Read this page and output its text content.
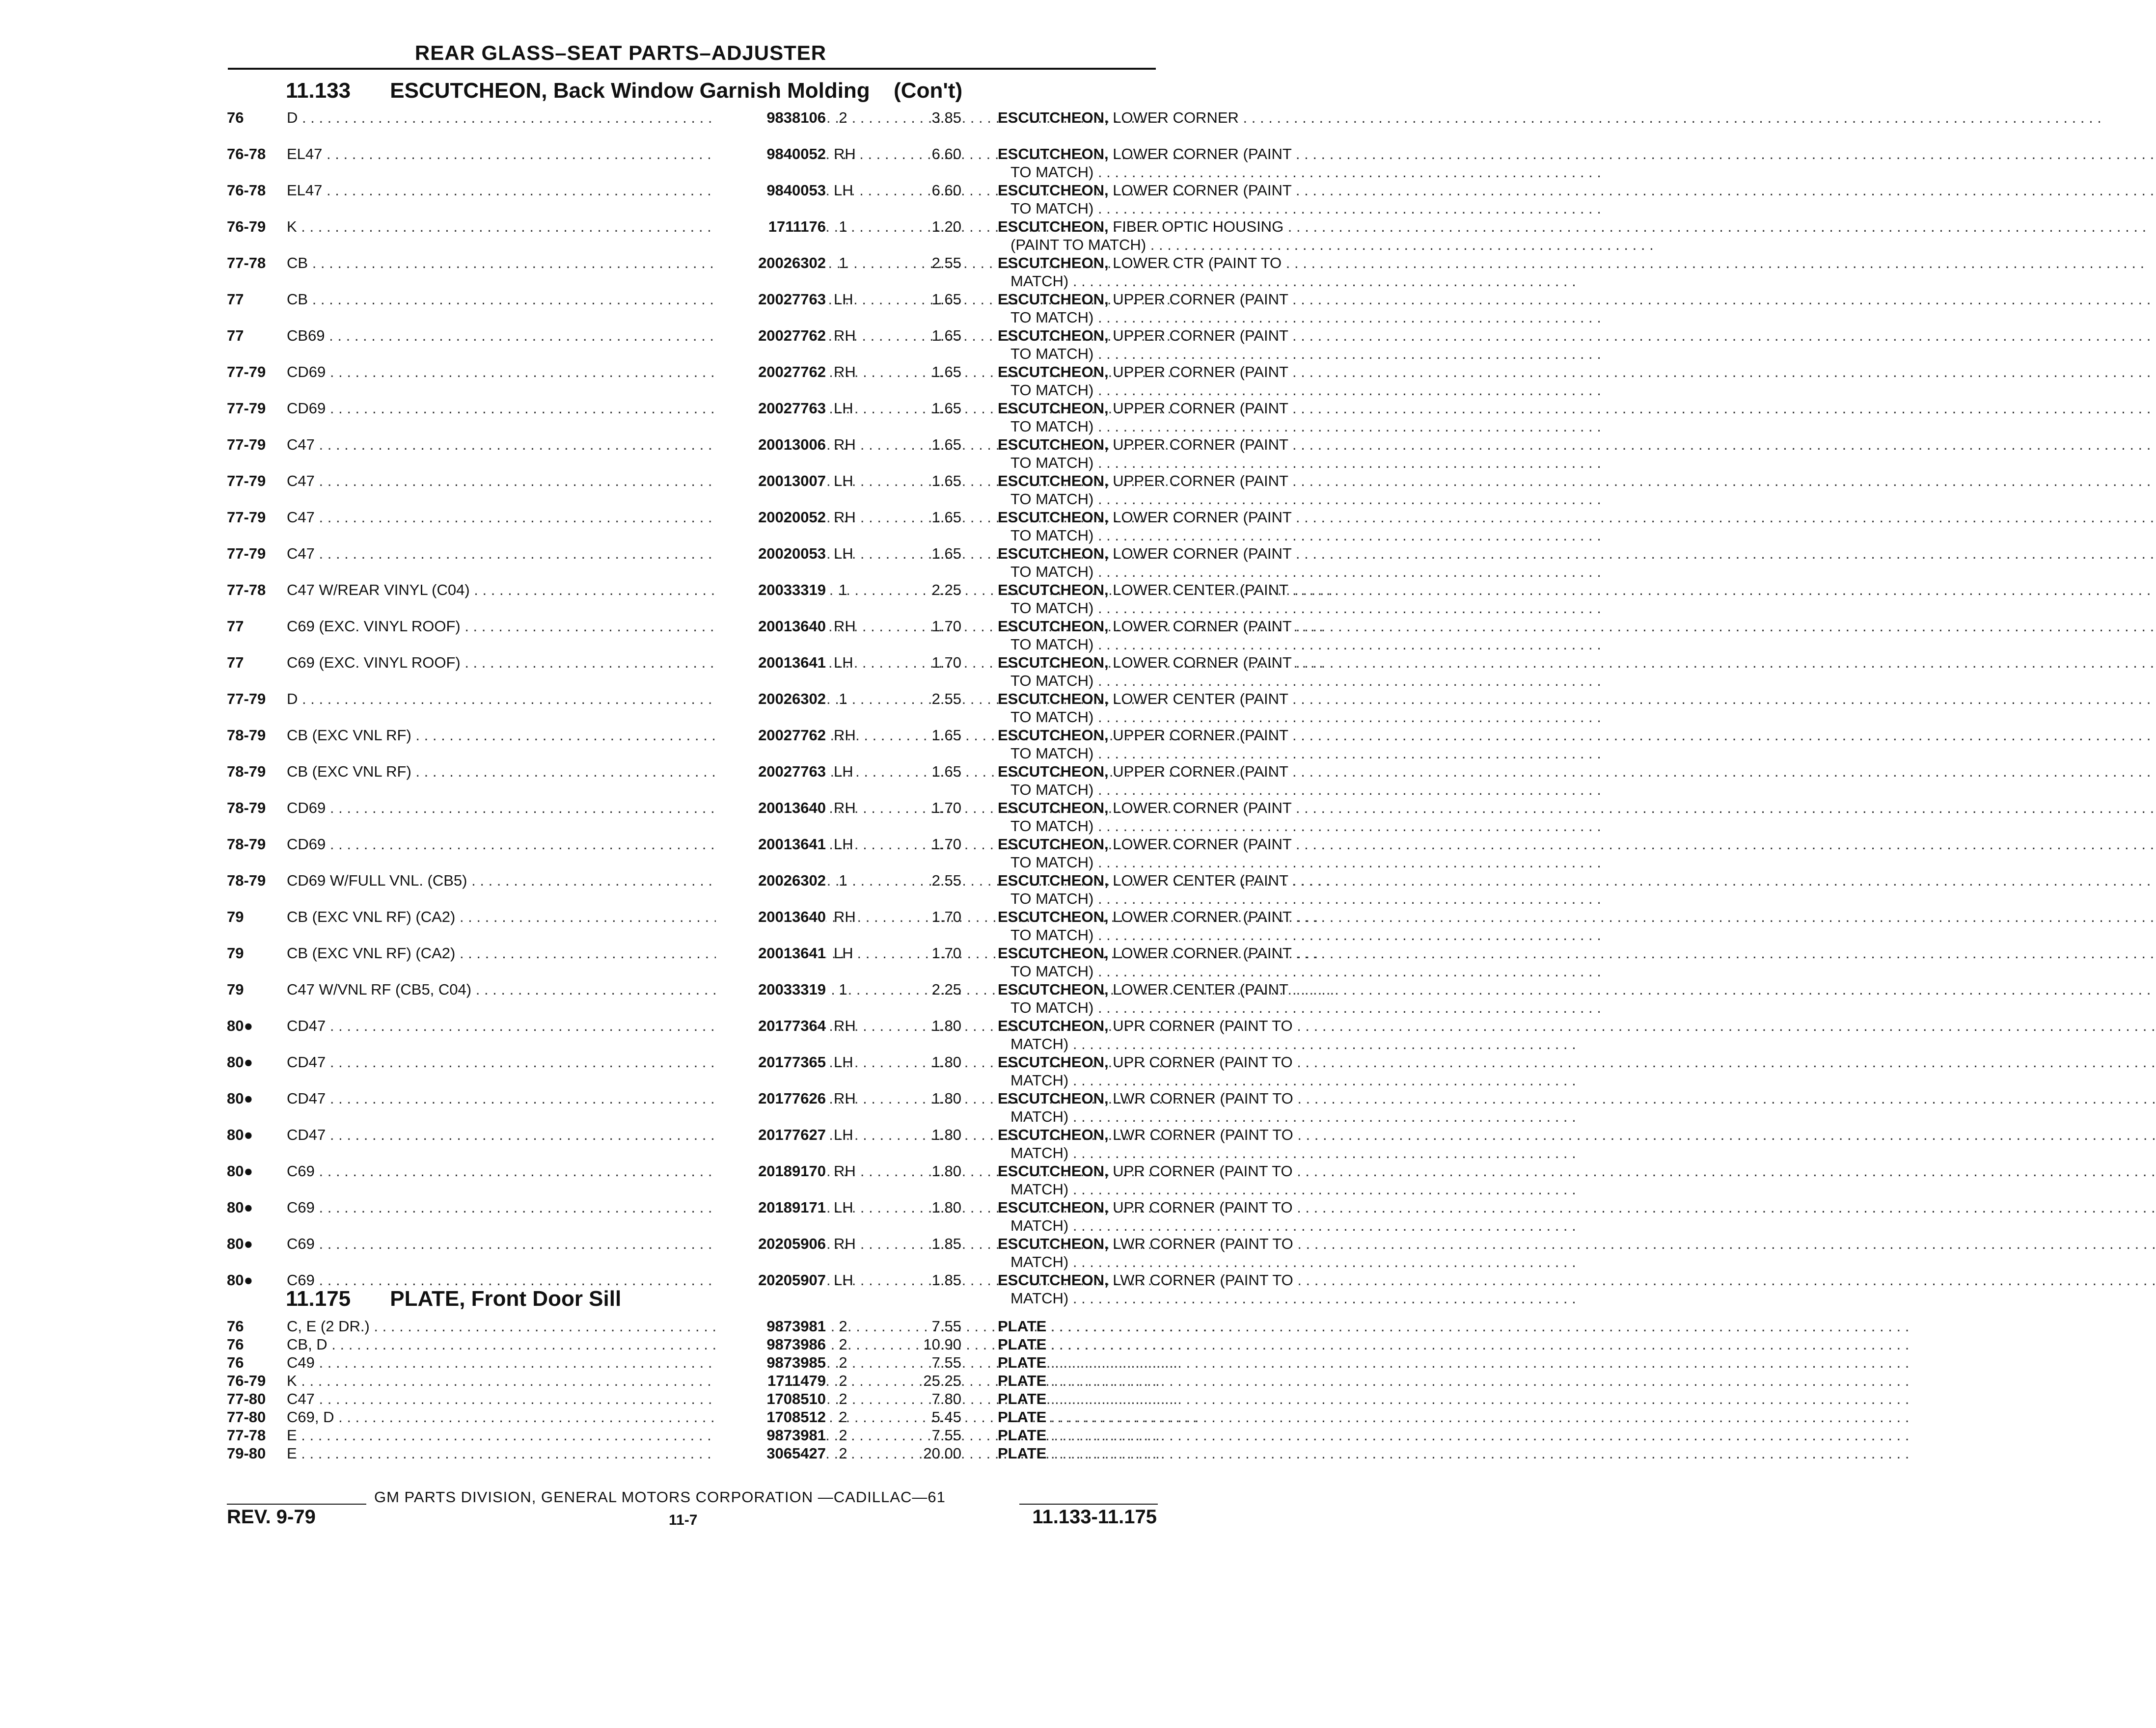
REAR GLASS–SEAT PARTS–ADJUSTER
11.133 ESCUTCHEON, Back Window Garnish Molding (Con't)
76	D . . .	9838106 2	3.85 ESCUTCHEON, LOWER CORNER . . .
76-78	EL47 . . .	9840052 RH	6.60 ESCUTCHEON, LOWER CORNER (PAINT . . .
TO MATCH) . . .
76-78	EL47 . . .	9840053 LH	6.60 ESCUTCHEON, LOWER CORNER (PAINT . . .
TO MATCH) . . .
76-79	K . . .	1711176 1	1.20 ESCUTCHEON, FIBER OPTIC HOUSING . . .
(PAINT TO MATCH) . . .
77-78	CB . . .	20026302 1	2.55 ESCUTCHEON, LOWER CTR (PAINT TO . . .
MATCH) . . .
77	CB . . .	20027763 LH	1.65 ESCUTCHEON, UPPER CORNER (PAINT . . .
TO MATCH) . . .
77	CB69 . . .	20027762 RH	1.65 ESCUTCHEON, UPPER CORNER (PAINT . . .
TO MATCH) . . .
77-79	CD69 . . .	20027762 RH	1.65 ESCUTCHEON, UPPER CORNER (PAINT . . .
TO MATCH) . . .
77-79	CD69 . . .	20027763 LH	1.65 ESCUTCHEON, UPPER CORNER (PAINT . . .
TO MATCH) . . .
77-79	C47 . . .	20013006 RH	1.65 ESCUTCHEON, UPPER CORNER (PAINT . . .
TO MATCH) . . .
77-79	C47 . . .	20013007 LH	1.65 ESCUTCHEON, UPPER CORNER (PAINT . . .
TO MATCH) . . .
77-79	C47 . . .	20020052 RH	1.65 ESCUTCHEON, LOWER CORNER (PAINT . . .
TO MATCH) . . .
77-79	C47 . . .	20020053 LH	1.65 ESCUTCHEON, LOWER CORNER (PAINT . . .
TO MATCH) . . .
77-78	C47 W/REAR VINYL (C04) . . .	20033319 1	2.25 ESCUTCHEON, LOWER CENTER (PAINT . . .
TO MATCH) . . .
77	C69 (EXC. VINYL ROOF) . . .	20013640 RH	1.70 ESCUTCHEON, LOWER CORNER (PAINT . . .
TO MATCH) . . .
77	C69 (EXC. VINYL ROOF) . . .	20013641 LH	1.70 ESCUTCHEON, LOWER CORNER (PAINT . . .
TO MATCH) . . .
77-79	D . . .	20026302 1	2.55 ESCUTCHEON, LOWER CENTER (PAINT . . .
TO MATCH) . . .
78-79	CB (EXC VNL RF) . . .	20027762 RH	1.65 ESCUTCHEON, UPPER CORNER (PAINT . . .
TO MATCH) . . .
78-79	CB (EXC VNL RF) . . .	20027763 LH	1.65 ESCUTCHEON, UPPER CORNER (PAINT . . .
TO MATCH) . . .
78-79	CD69 . . .	20013640 RH	1.70 ESCUTCHEON, LOWER CORNER (PAINT . . .
TO MATCH) . . .
78-79	CD69 . . .	20013641 LH	1.70 ESCUTCHEON, LOWER CORNER (PAINT . . .
TO MATCH) . . .
78-79	CD69 W/FULL VNL. (CB5) . . .	20026302 1	2.55 ESCUTCHEON, LOWER CENTER (PAINT . . .
TO MATCH) . . .
79	CB (EXC VNL RF) (CA2) . . .	20013640 RH	1.70 ESCUTCHEON, LOWER CORNER (PAINT . . .
TO MATCH) . . .
79	CB (EXC VNL RF) (CA2) . . .	20013641 LH	1.70 ESCUTCHEON, LOWER CORNER (PAINT . . .
TO MATCH) . . .
79	C47 W/VNL RF (CB5, C04) . . .	20033319 1	2.25 ESCUTCHEON, LOWER CENTER (PAINT . . .
TO MATCH) . . .
80●	CD47 . . .	20177364 RH	1.80 ESCUTCHEON, UPR CORNER (PAINT TO . . .
MATCH) . . .
80●	CD47 . . .	20177365 LH	1.80 ESCUTCHEON, UPR CORNER (PAINT TO . . .
MATCH) . . .
80●	CD47 . . .	20177626 RH	1.80 ESCUTCHEON, LWR CORNER (PAINT TO . . .
MATCH) . . .
80●	CD47 . . .	20177627 LH	1.80 ESCUTCHEON, LWR CORNER (PAINT TO . . .
MATCH) . . .
80●	C69 . . .	20189170 RH	1.80 ESCUTCHEON, UPR CORNER (PAINT TO . . .
MATCH) . . .
80●	C69 . . .	20189171 LH	1.80 ESCUTCHEON, UPR CORNER (PAINT TO . . .
MATCH) . . .
80●	C69 . . .	20205906 RH	1.85 ESCUTCHEON, LWR CORNER (PAINT TO . . .
MATCH) . . .
80●	C69 . . .	20205907 LH	1.85 ESCUTCHEON, LWR CORNER (PAINT TO . . .
MATCH) . . .
11.175 PLATE, Front Door Sill
76	C, E (2 DR.) . . .	9873981 2	7.55 PLATE . . .
76	CB, D . . .	9873986 2	10.90 PLATE . . .
76	C49 . . .	9873985 2	7.55 PLATE . . .
76-79	K . . .	1711479 2	25.25 PLATE . . .
77-80	C47 . . .	1708510 2	7.80 PLATE . . .
77-80	C69, D . . .	1708512 2	5.45 PLATE . . .
77-78	E . . .	9873981 2	7.55 PLATE . . .
79-80	E . . .	3065427 2	20.00 PLATE . . .
GM PARTS DIVISION, GENERAL MOTORS CORPORATION —CADILLAC—61
REV. 9-79	11-7	11.133-11.175
